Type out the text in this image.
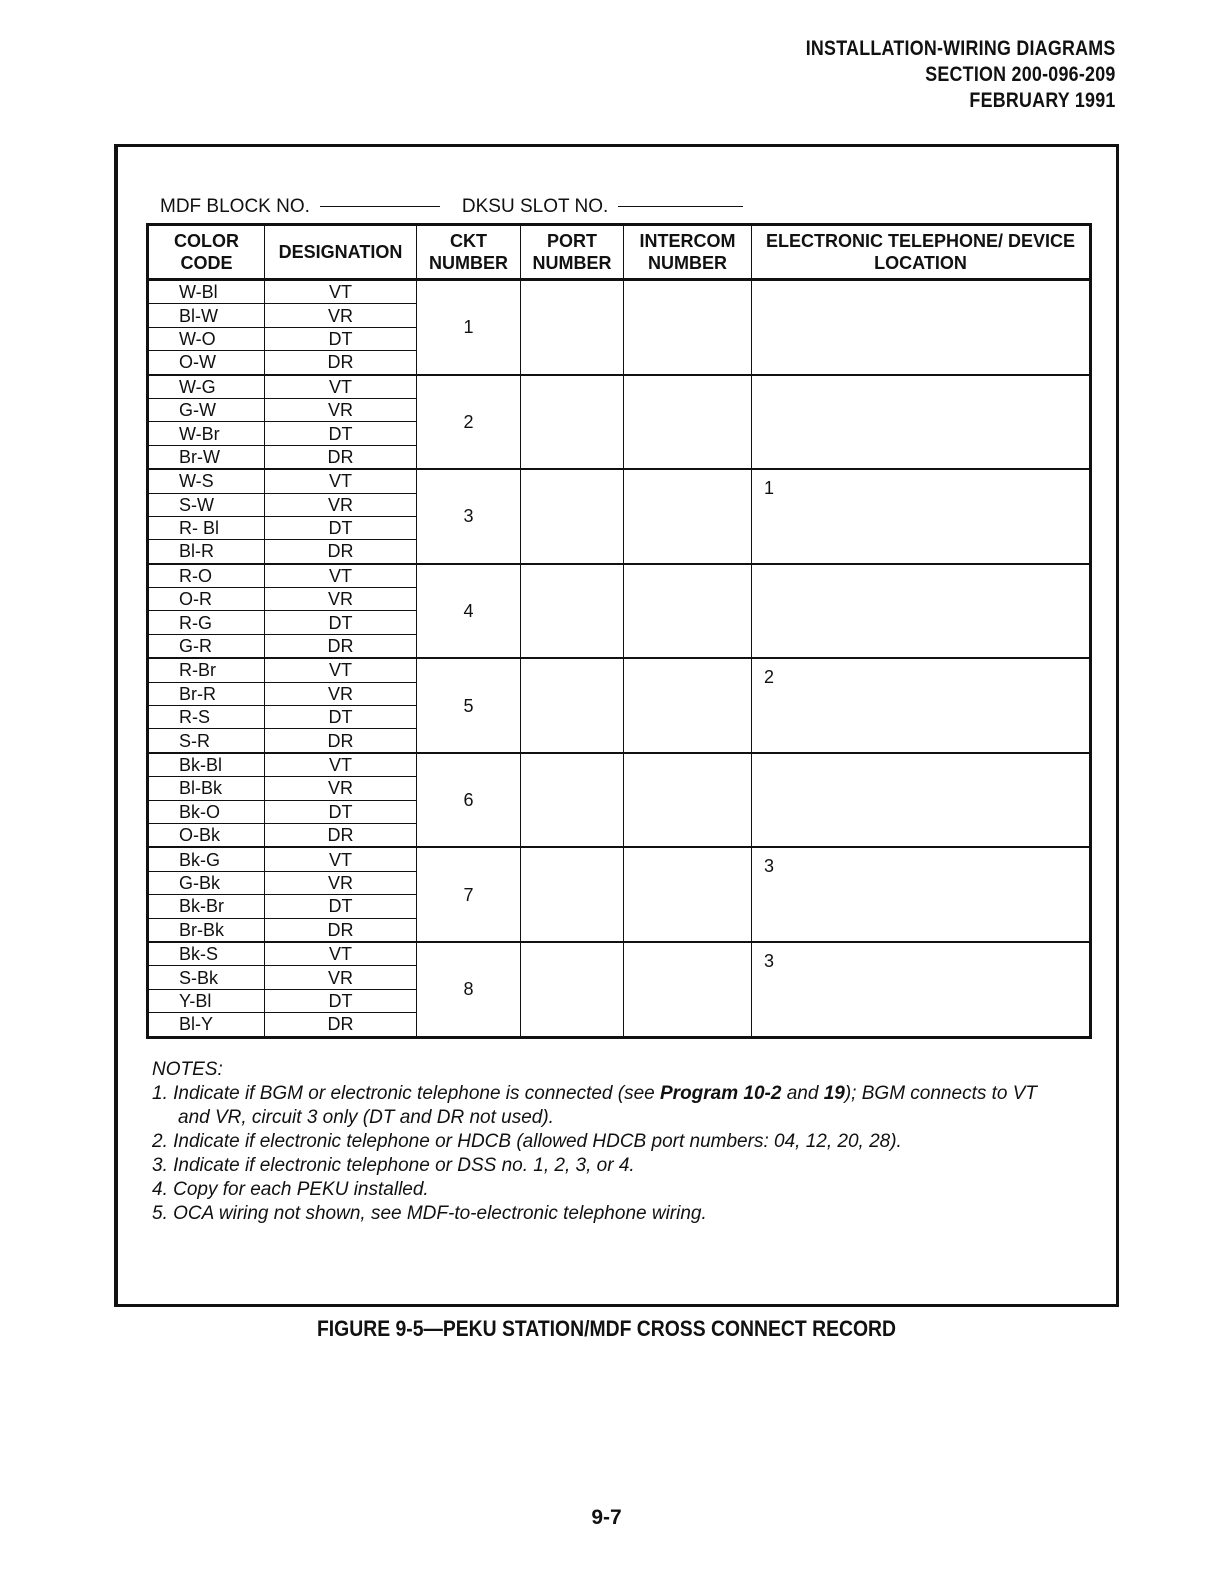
INSTALLATION-WIRING DIAGRAMS
SECTION 200-096-209
FEBRUARY 1991
MDF BLOCK NO.	DKSU SLOT NO.
COLOR CODE	DESIGNATION	CKT NUMBER	PORT NUMBER	INTERCOM NUMBER	ELECTRONIC TELEPHONE/ DEVICE LOCATION
W-Bl	VT	1			
Bl-W	VR				
W-O	DT				
O-W	DR				
W-G	VT	2			
G-W	VR				
W-Br	DT				
Br-W	DR				
W-S	VT	3			1
S-W	VR				
R- Bl	DT				
Bl-R	DR				
R-O	VT	4			
O-R	VR				
R-G	DT				
G-R	DR				
R-Br	VT	5			2
Br-R	VR				
R-S	DT				
S-R	DR				
Bk-Bl	VT	6			
Bl-Bk	VR				
Bk-O	DT				
O-Bk	DR				
Bk-G	VT	7			3
G-Bk	VR				
Bk-Br	DT				
Br-Bk	DR				
Bk-S	VT	8			3
S-Bk	VR				
Y-Bl	DT				
Bl-Y	DR				
NOTES:
1. Indicate if BGM or electronic telephone is connected (see Program 10-2 and 19); BGM connects to VT
and VR, circuit 3 only (DT and DR not used).
2. Indicate if electronic telephone or HDCB (allowed HDCB port numbers: 04, 12, 20, 28).
3. Indicate if electronic telephone or DSS no. 1, 2, 3, or 4.
4. Copy for each PEKU installed.
5. OCA wiring not shown, see MDF-to-electronic telephone wiring.
FIGURE 9-5—PEKU STATION/MDF CROSS CONNECT RECORD
9-7
